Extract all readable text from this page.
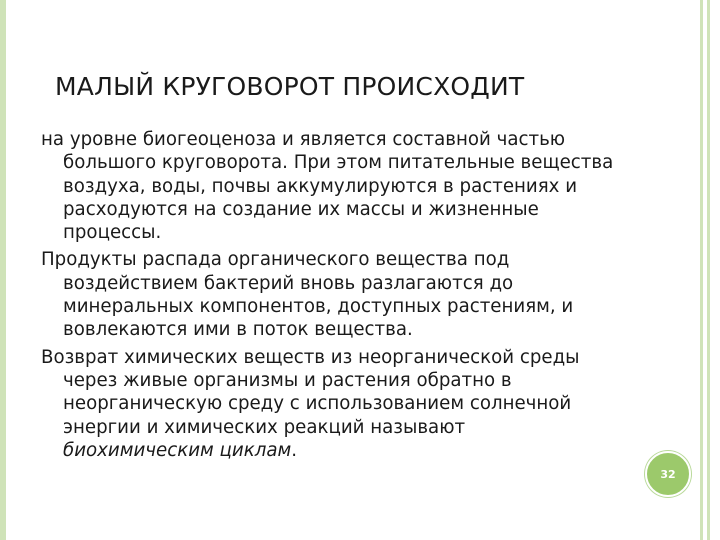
МАЛЫЙ КРУГОВОРОТ ПРОИСХОДИТ

на уровне биогеоценоза и является составной частью большого круговорота. При этом питательные вещества воздуха, воды, почвы аккумулируются в растениях и расходуются на создание их массы и жизненные процессы.

Продукты распада органического вещества под воздействием бактерий вновь разлагаются до минеральных компонентов, доступных растениям, и вовлекаются ими в поток вещества.

Возврат химических веществ из неорганической среды через живые организмы и растения обратно в неорганическую среду с использованием солнечной энергии и химических реакций называют биохимическим циклам.

32
